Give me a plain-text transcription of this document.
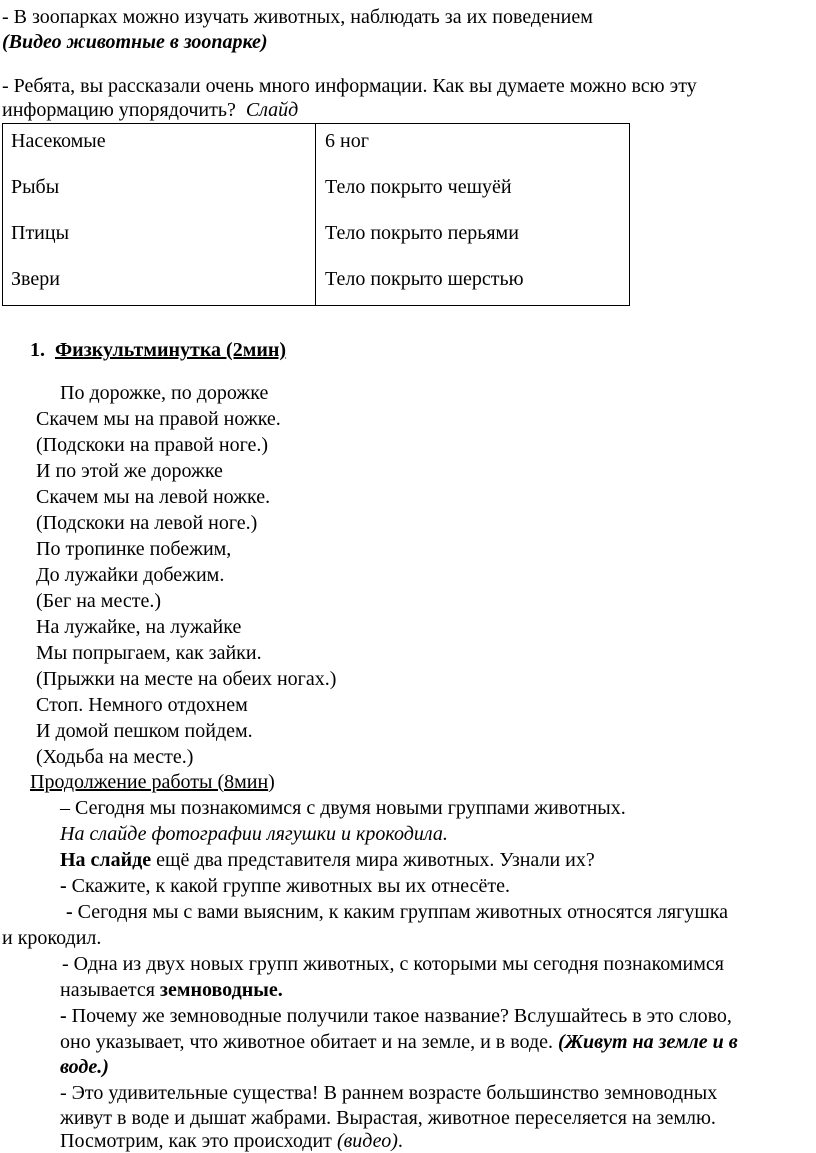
- В зоопарках можно изучать животных, наблюдать за их поведением
(Видео животные в зоопарке)
- Ребята, вы рассказали очень много информации. Как вы думаете можно всю эту
информацию упорядочить? Слайд
Насекомые	6 ног
Рыбы	Тело покрыто чешуёй
Птицы	Тело покрыто перьями
Звери	Тело покрыто шерстью
1. Физкультминутка (2мин)
По дорожке, по дорожке
Скачем мы на правой ножке.
(Подскоки на правой ноге.)
И по этой же дорожке
Скачем мы на левой ножке.
(Подскоки на левой ноге.)
По тропинке побежим,
До лужайки добежим.
(Бег на месте.)
На лужайке, на лужайке
Мы попрыгаем, как зайки.
(Прыжки на месте на обеих ногах.)
Стоп. Немного отдохнем
И домой пешком пойдем.
(Ходьба на месте.)
Продолжение работы (8мин)
– Сегодня мы познакомимся с двумя новыми группами животных.
На слайде фотографии лягушки и крокодила.
На слайде ещё два представителя мира животных. Узнали их?
- Скажите, к какой группе животных вы их отнесёте.
- Сегодня мы с вами выясним, к каким группам животных относятся лягушка
и крокодил.
- Одна из двух новых групп животных, с которыми мы сегодня познакомимся
называется земноводные.
- Почему же земноводные получили такое название? Вслушайтесь в это слово,
оно указывает, что животное обитает и на земле, и в воде. (Живут на земле и в
воде.)
- Это удивительные существа! В раннем возрасте большинство земноводных
живут в воде и дышат жабрами. Вырастая, животное переселяется на землю.
Посмотрим, как это происходит (видео).
